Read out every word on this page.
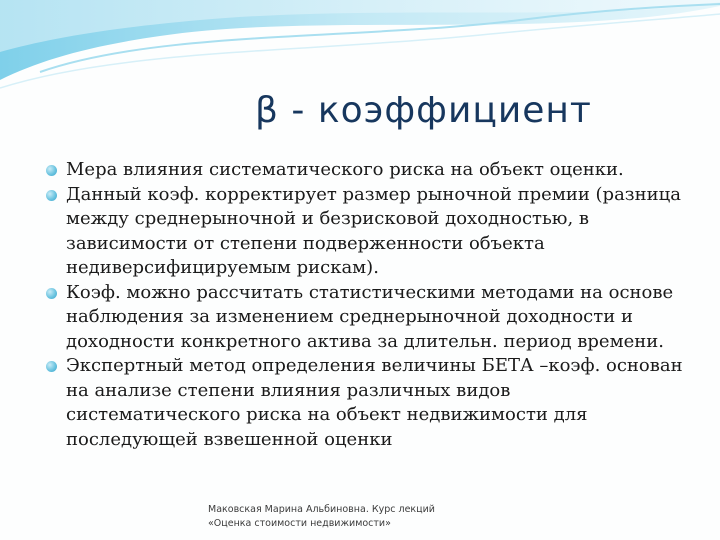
β - коэффициент
Мера влияния систематического риска на объект оценки.
Данный коэф. корректирует размер рыночной премии (разница между среднерыночной и безрисковой доходностью, в зависимости от степени подверженности объекта недиверсифицируемым рискам).
Коэф. можно рассчитать статистическими методами на основе наблюдения за изменением среднерыночной доходности и доходности конкретного актива за длительн. период времени.
Экспертный метод определения величины БЕТА –коэф. основан на анализе степени влияния различных видов систематического риска на объект недвижимости для последующей взвешенной оценки
Маковская Марина Альбиновна. Курс лекций
«Оценка стоимости недвижимости»
